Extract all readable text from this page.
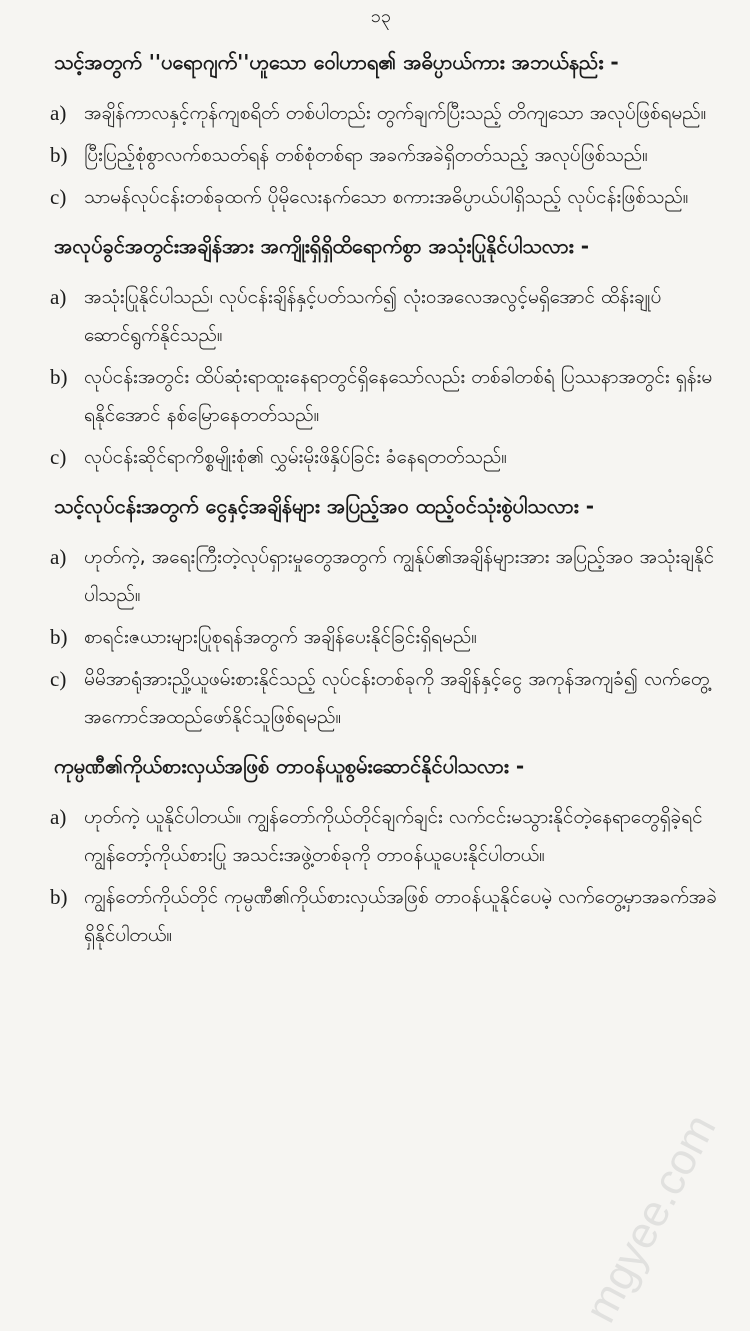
၁၃
သင့်အတွက် ''ပရောဂျက်''ဟူသော ဝေါဟာရ၏ အဓိပ္ပာယ်ကား အဘယ်နည်း -
a) အချိန်ကာလနှင့်ကုန်ကျစရိတ် တစ်ပါတည်း တွက်ချက်ပြီးသည့် တိကျသော အလုပ်ဖြစ်ရမည်။
b) ပြီးပြည့်စုံစွာလက်စသတ်ရန် တစ်စုံတစ်ရာ အခက်အခဲရှိတတ်သည့် အလုပ်ဖြစ်သည်။
c) သာမန်လုပ်ငန်းတစ်ခုထက် ပိုမိုလေးနက်သော စကားအဓိပ္ပာယ်ပါရှိသည့် လုပ်ငန်းဖြစ်သည်။
အလုပ်ခွင်အတွင်းအချိန်အား အကျိုးရှိရှိထိရောက်စွာ အသုံးပြုနိုင်ပါသလား -
a) အသုံးပြုနိုင်ပါသည်၊ လုပ်ငန်းချိန်နှင့်ပတ်သက်၍ လုံးဝအလေအလွင့်မရှိအောင် ထိန်းချုပ်ဆောင်ရွက်နိုင်သည်။
b) လုပ်ငန်းအတွင်း ထိပ်ဆုံးရာထူးနေရာတွင်ရှိနေသော်လည်း တစ်ခါတစ်ရံ ပြဿနာအတွင်း ရှန်းမရနိုင်အောင် နစ်မြောနေတတ်သည်။
c) လုပ်ငန်းဆိုင်ရာကိစ္စမျိုးစုံ၏ လွှမ်းမိုးဖိနှိပ်ခြင်း ခံနေရတတ်သည်။
သင့်လုပ်ငန်းအတွက် ငွေနှင့်အချိန်များ အပြည့်အဝ ထည့်ဝင်သုံးစွဲပါသလား -
a) ဟုတ်ကဲ့, အရေးကြီးတဲ့လုပ်ရှားမှုတွေအတွက် ကျွန်ုပ်၏အချိန်များအား အပြည့်အဝ အသုံးချနိုင်ပါသည်။
b) စာရင်းဇယားများပြုစုရန်အတွက် အချိန်ပေးနိုင်ခြင်းရှိရမည်။
c) မိမိအာရုံအားညှို့ယူဖမ်းစားနိုင်သည့် လုပ်ငန်းတစ်ခုကို အချိန်နှင့်ငွေ အကုန်အကျခံ၍ လက်တွေ့အကောင်အထည်ဖော်နိုင်သူဖြစ်ရမည်။
ကုမ္ပဏီ၏ကိုယ်စားလှယ်အဖြစ် တာဝန်ယူစွမ်းဆောင်နိုင်ပါသလား -
a) ဟုတ်ကဲ့ ယူနိုင်ပါတယ်။ ကျွန်တော်ကိုယ်တိုင်ချက်ချင်း လက်ငင်းမသွားနိုင်တဲ့နေရာတွေရှိခဲ့ရင် ကျွန်တော့်ကိုယ်စားပြု အသင်းအဖွဲ့တစ်ခုကို တာဝန်ယူပေးနိုင်ပါတယ်။
b) ကျွန်တော်ကိုယ်တိုင် ကုမ္ပဏီ၏ကိုယ်စားလှယ်အဖြစ် တာဝန်ယူနိုင်ပေမဲ့ လက်တွေ့မှာအခက်အခဲ ရှိနိုင်ပါတယ်။
mgyee.com
